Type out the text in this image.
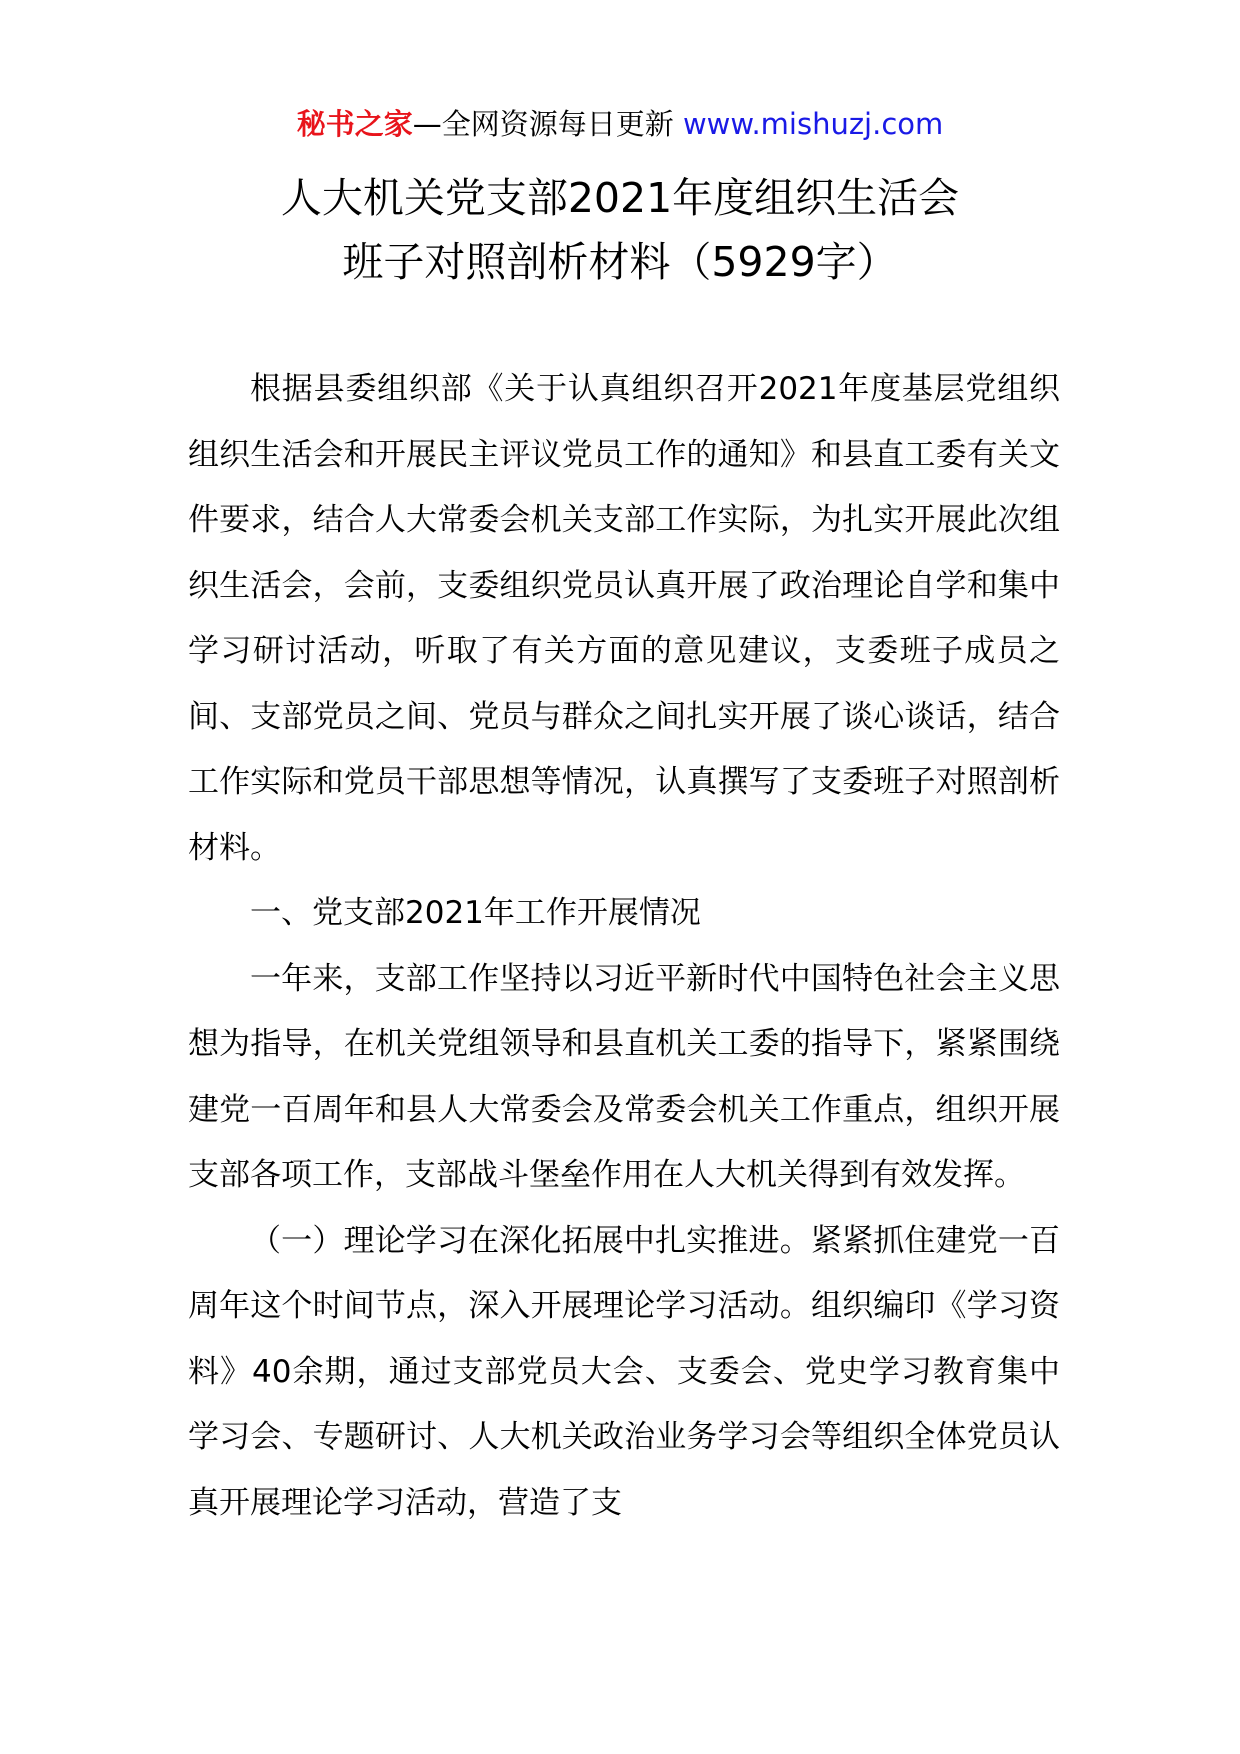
秘书之家—全网资源每日更新 www.mishuzj.com
人大机关党支部2021年度组织生活会
班子对照剖析材料（5929字）

根据县委组织部《关于认真组织召开2021年度基层党组织组织生活会和开展民主评议党员工作的通知》和县直工委有关文件要求，结合人大常委会机关支部工作实际，为扎实开展此次组织生活会，会前，支委组织党员认真开展了政治理论自学和集中学习研讨活动，听取了有关方面的意见建议，支委班子成员之间、支部党员之间、党员与群众之间扎实开展了谈心谈话，结合工作实际和党员干部思想等情况，认真撰写了支委班子对照剖析材料。

一、党支部2021年工作开展情况

一年来，支部工作坚持以习近平新时代中国特色社会主义思想为指导，在机关党组领导和县直机关工委的指导下，紧紧围绕建党一百周年和县人大常委会及常委会机关工作重点，组织开展支部各项工作，支部战斗堡垒作用在人大机关得到有效发挥。

（一）理论学习在深化拓展中扎实推进。紧紧抓住建党一百周年这个时间节点，深入开展理论学习活动。组织编印《学习资料》40余期，通过支部党员大会、支委会、党史学习教育集中学习会、专题研讨、人大机关政治业务学习会等组织全体党员认真开展理论学习活动，营造了支
